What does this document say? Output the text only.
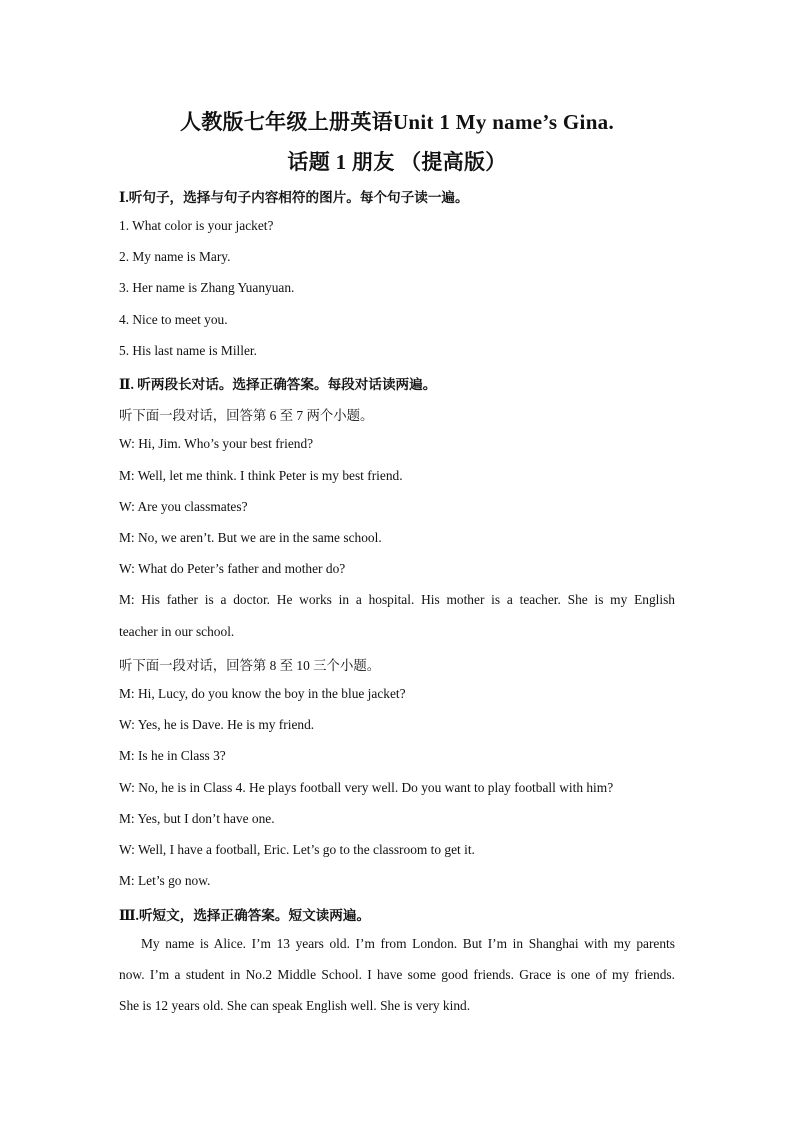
人教版七年级上册英语Unit 1 My name’s Gina.
话题 1 朋友 （提高版）
Ⅰ.听句子，选择与句子内容相符的图片。每个句子读一遍。
1. What color is your jacket?
2. My name is Mary.
3. Her name is Zhang Yuanyuan.
4. Nice to meet you.
5. His last name is Miller.
Ⅱ. 听两段长对话。选择正确答案。每段对话读两遍。
听下面一段对话，回答第 6 至 7 两个小题。
W: Hi, Jim. Who’s your best friend?
M: Well, let me think. I think Peter is my best friend.
W: Are you classmates?
M: No, we aren’t. But we are in the same school.
W: What do Peter’s father and mother do?
M: His father is a doctor. He works in a hospital. His mother is a teacher. She is my English
teacher in our school.
听下面一段对话，回答第 8 至 10 三个小题。
M: Hi, Lucy, do you know the boy in the blue jacket?
W: Yes, he is Dave. He is my friend.
M: Is he in Class 3?
W: No, he is in Class 4. He plays football very well. Do you want to play football with him?
M: Yes, but I don’t have one.
W: Well, I have a football, Eric. Let’s go to the classroom to get it.
M: Let’s go now.
Ⅲ.听短文，选择正确答案。短文读两遍。
My name is Alice. I’m 13 years old. I’m from London. But I’m in Shanghai with my parents
now. I’m a student in No.2 Middle School. I have some good friends. Grace is one of my friends.
She is 12 years old. She can speak English well. She is very kind.
